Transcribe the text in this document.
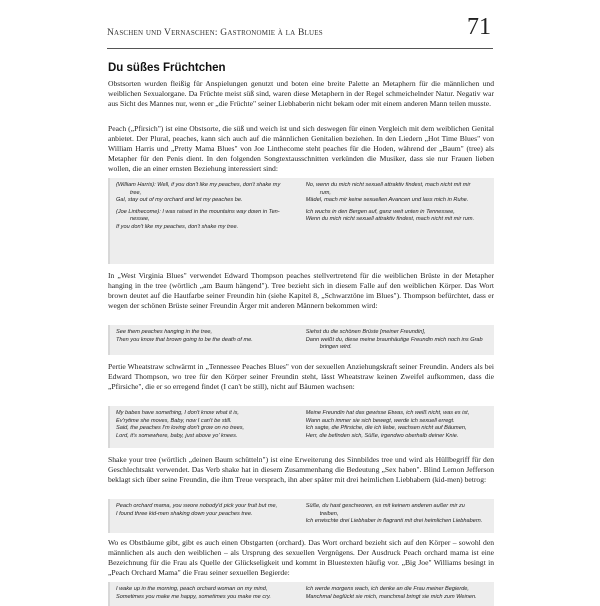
Naschen und Vernaschen: Gastronomie à la Blues	71
Du süßes Früchtchen

Obstsorten wurden fleißig für Anspielungen genutzt und boten eine breite Palette an Metaphern für die männlichen und weiblichen Sexualorgane. Da Früchte meist süß sind, waren diese Metaphern in der Regel schmeichelnder Natur. Negativ war aus Sicht des Mannes nur, wenn er „die Früchte" seiner Liebhaberin nicht bekam oder mit einem anderen Mann teilen musste.

Peach („Pfirsich") ist eine Obstsorte, die süß und weich ist und sich deswegen für einen Vergleich mit dem weiblichen Genital anbietet. Der Plural, peaches, kann sich auch auf die männlichen Genitalien beziehen. In den Liedern „Hot Time Blues" von William Harris und „Pretty Mama Blues" von Joe Linthecome steht peaches für die Hoden, während der „Baum" (tree) als Metapher für den Penis dient. In den folgenden Songtextausschnitten verkünden die Musiker, dass sie nur Frauen lieben wollen, die an einer ernsten Beziehung interessiert sind:

(William Harris): Well, if you don't like my peaches, don't shake my
tree,
Gal, stay out of my orchard and let my peaches be.
(Joe Linthecome): I was raised in the mountains way down in Ten-
nessee,
If you don't like my peaches, don't shake my tree.
No, wenn du mich nicht sexuell attraktiv findest, mach nicht mit mir
rum,
Mädel, mach mir keine sexuellen Avancen und lass mich in Ruhe.
Ich wuchs in den Bergen auf, ganz weit unten in Tennessee,
Wenn du mich nicht sexuell attraktiv findest, mach nicht mit mir rum.

In „West Virginia Blues" verwendet Edward Thompson peaches stellvertretend für die weiblichen Brüste in der Metapher hanging in the tree (wörtlich „am Baum hängend"). Tree bezieht sich in diesem Falle auf den weiblichen Körper. Das Wort brown deutet auf die Hautfarbe seiner Freundin hin (siehe Kapitel 8, „Schwarztöne im Blues"). Thompson befürchtet, dass er wegen der schönen Brüste seiner Freundin Ärger mit anderen Männern bekommen wird:

See them peaches hanging in the tree,
Then you know that brown going to be the death of me.
Siehst du die schönen Brüste [meiner Freundin],
Dann weißt du, diese meine braunhäutige Freundin mich noch ins Grab
bringen wird.

Pertie Wheatstraw schwärmt in „Tennessee Peaches Blues" von der sexuellen Anziehungskraft seiner Freundin. Anders als bei Edward Thompson, wo tree für den Körper seiner Freundin steht, lässt Wheatstraw keinen Zweifel aufkommen, dass die „Pfirsiche", die er so erregend findet (I can't be still), nicht auf Bäumen wachsen:

My babes have something, I don't know what it is,
Ev'rytime she moves, Baby, now I can't be still.
Said, the peaches I'm loving don't grow on no trees,
Lord, it's somewhere, baby, just above yo' knees.
Meine Freundin hat das gewisse Etwas, ich weiß nicht, was es ist,
Wann auch immer sie sich bewegt, werde ich sexuell erregt.
Ich sagte, die Pfirsiche, die ich liebe, wachsen nicht auf Bäumen,
Herr, die befinden sich, Süße, irgendwo oberhalb deiner Knie.

Shake your tree (wörtlich „deinen Baum schütteln") ist eine Erweiterung des Sinnbildes tree und wird als Hüllbegriff für den Geschlechtsakt verwendet. Das Verb shake hat in diesem Zusammenhang die Bedeutung „Sex haben". Blind Lemon Jefferson beklagt sich über seine Freundin, die ihm Treue versprach, ihn aber später mit drei heimlichen Liebhabern (kid-men) betrog:

Peach orchard mama, you swore nobody'd pick your fruit but me,
I found three kid-men shaking down your peaches tree.
Süße, du hast geschworen, es mit keinem anderen außer mir zu
treiben,
Ich erwischte drei Liebhaber in flagranti mit drei heimlichen Liebhabern.

Wo es Obstbäume gibt, gibt es auch einen Obstgarten (orchard). Das Wort orchard bezieht sich auf den Körper – sowohl den männlichen als auch den weiblichen – als Ursprung des sexuellen Vergnügens. Der Ausdruck Peach orchard mama ist eine Bezeichnung für die Frau als Quelle der Glückseligkeit und kommt in Bluestexten häufig vor. „Big Joe" Williams besingt in „Peach Orchard Mama" die Frau seiner sexuellen Begierde:

I wake up in the morning, peach orchard woman on my mind,
Sometimes you make me happy, sometimes you make me cry.
Ich werde morgens wach, ich denke an die Frau meiner Begierde,
Manchmal beglückt sie mich, manchmal bringt sie mich zum Weinen.
